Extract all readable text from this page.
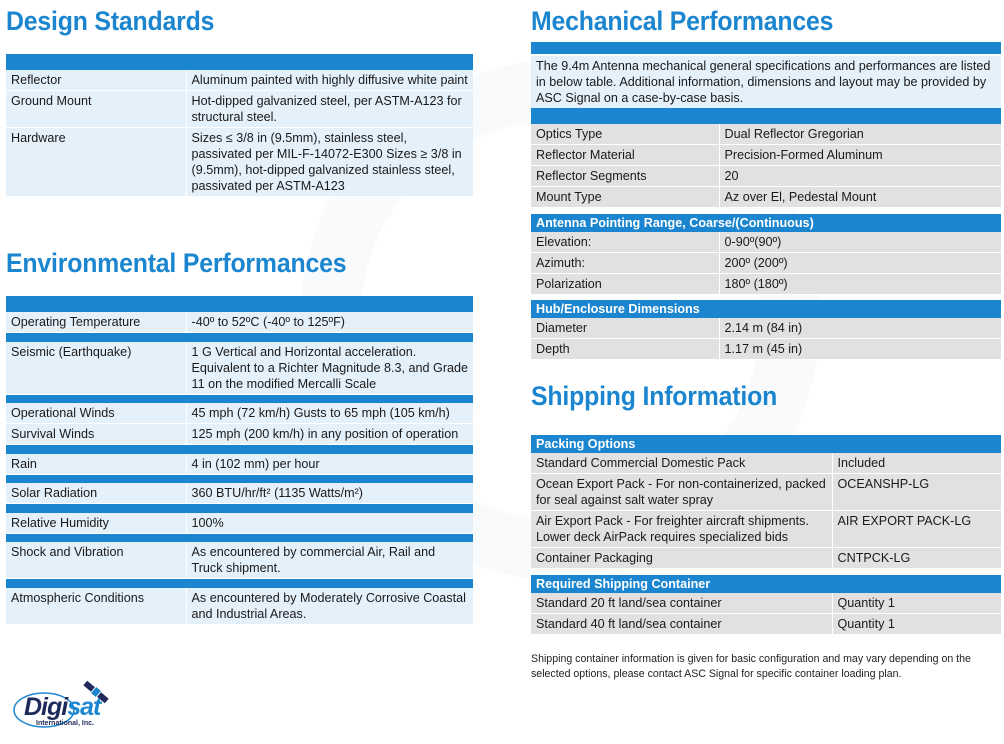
Design Standards

Reflector	Aluminum painted with highly diffusive white paint
Ground Mount	Hot-dipped galvanized steel, per ASTM-A123 for structural steel.
Hardware	Sizes ≤ 3/8 in (9.5mm), stainless steel, passivated per MIL-F-14072-E300 Sizes ≥ 3/8 in (9.5mm), hot-dipped galvanized stainless steel, passivated per ASTM-A123
Environmental Performances

Operating Temperature	-40º to 52ºC (-40º to 125ºF)

Seismic (Earthquake)	1 G Vertical and Horizontal acceleration. Equivalent to a Richter Magnitude 8.3, and Grade 11 on the modified Mercalli Scale

Operational Winds	45 mph (72 km/h) Gusts to 65 mph (105 km/h)
Survival Winds	125 mph (200 km/h) in any position of operation

Rain	4 in (102 mm) per hour

Solar Radiation	360 BTU/hr/ft² (1135 Watts/m²)

Relative Humidity	100%

Shock and Vibration	As encountered by commercial Air, Rail and Truck shipment.

Atmospheric Conditions	As encountered by Moderately Corrosive Coastal and Industrial Areas.
Mechanical Performances
The 9.4m Antenna mechanical general specifications and performances are listed in below table. Additional information, dimensions and layout may be provided by ASC Signal on a case-by-case basis.

Optics Type	Dual Reflector Gregorian
Reflector Material	Precision-Formed Aluminum
Reflector Segments	20
Mount Type	Az over El, Pedestal Mount

Antenna Pointing Range, Coarse/(Continuous)	
Elevation:	0-90º(90º)
Azimuth:	200º (200º)
Polarization	180º (180º)

Hub/Enclosure Dimensions	
Diameter	2.14 m (84 in)
Depth	1.17 m (45 in)
Shipping Information
Packing Options	
Standard Commercial Domestic Pack	Included
Ocean Export Pack - For non-containerized, packed for seal against salt water spray	OCEANSHP-LG
Air Export Pack - For freighter aircraft shipments. Lower deck AirPack requires specialized bids	AIR EXPORT PACK-LG
Container Packaging	CNTPCK-LG

Required Shipping Container	
Standard 20 ft land/sea container	Quantity 1
Standard 40 ft land/sea container	Quantity 1
Shipping container information is given for basic configuration and may vary depending on the selected options, please contact ASC Signal for specific container loading plan.
Digisat
International, Inc.
